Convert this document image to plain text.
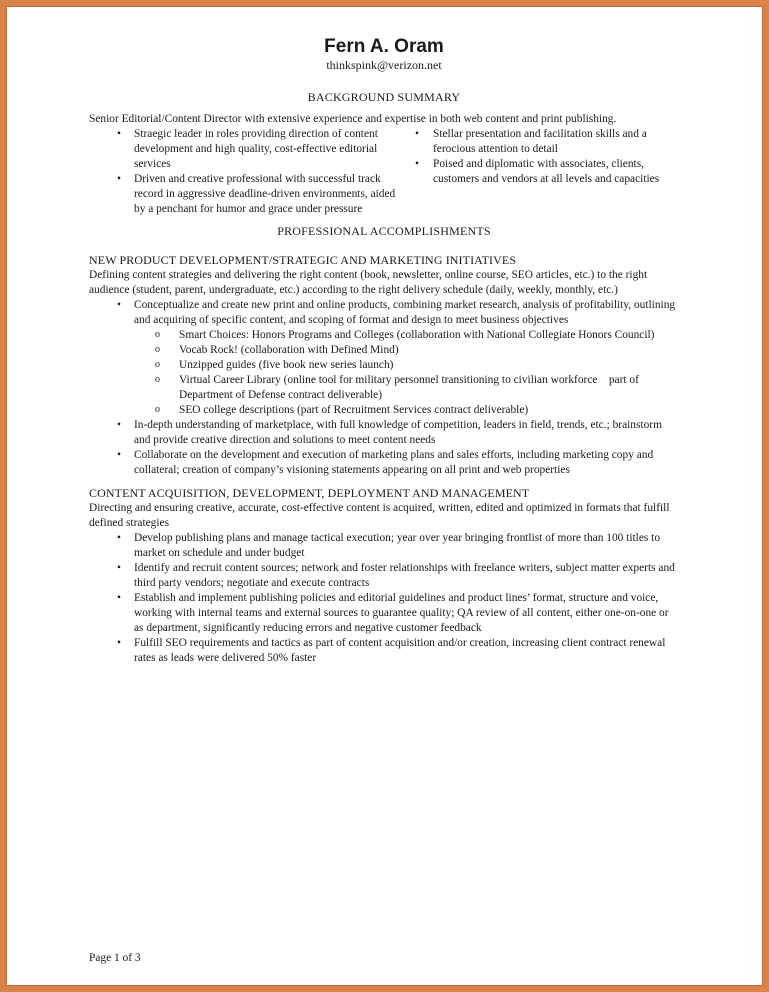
Fern A. Oram
thinkspink@verizon.net
BACKGROUND SUMMARY

Senior Editorial/Content Director with extensive experience and expertise in both web content and print publishing.

• Straegic leader in roles providing direction of content development and high quality, cost-effective editorial services
• Driven and creative professional with successful track record in aggressive deadline-driven environments, aided by a penchant for humor and grace under pressure
• Stellar presentation and facilitation skills and a ferocious attention to detail
• Poised and diplomatic with associates, clients, customers and vendors at all levels and capacities
PROFESSIONAL ACCOMPLISHMENTS
NEW PRODUCT DEVELOPMENT/STRATEGIC AND MARKETING INITIATIVES

Defining content strategies and delivering the right content (book, newsletter, online course, SEO articles, etc.) to the right audience (student, parent, undergraduate, etc.) according to the right delivery schedule (daily, weekly, monthly, etc.)

• Conceptualize and create new print and online products, combining market research, analysis of profitability, outlining and acquiring of specific content, and scoping of format and design to meet business objectives
o Smart Choices: Honors Programs and Colleges (collaboration with National Collegiate Honors Council)
o Vocab Rock! (collaboration with Defined Mind)
o Unzipped guides (five book new series launch)
o Virtual Career Library (online tool for military personnel transitioning to civilian workforce    part of Department of Defense contract deliverable)
o SEO college descriptions (part of Recruitment Services contract deliverable)
• In-depth understanding of marketplace, with full knowledge of competition, leaders in field, trends, etc.; brainstorm and provide creative direction and solutions to meet content needs
• Collaborate on the development and execution of marketing plans and sales efforts, including marketing copy and collateral; creation of company’s visioning statements appearing on all print and web properties
CONTENT ACQUISITION, DEVELOPMENT, DEPLOYMENT AND MANAGEMENT

Directing and ensuring creative, accurate, cost-effective content is acquired, written, edited and optimized in formats that fulfill defined strategies

• Develop publishing plans and manage tactical execution; year over year bringing frontlist of more than 100 titles to market on schedule and under budget
• Identify and recruit content sources; network and foster relationships with freelance writers, subject matter experts and third party vendors; negotiate and execute contracts
• Establish and implement publishing policies and editorial guidelines and product lines’ format, structure and voice, working with internal teams and external sources to guarantee quality; QA review of all content, either one-on-one or as department, significantly reducing errors and negative customer feedback
• Fulfill SEO requirements and tactics as part of content acquisition and/or creation, increasing client contract renewal rates as leads were delivered 50% faster
Page 1 of 3
